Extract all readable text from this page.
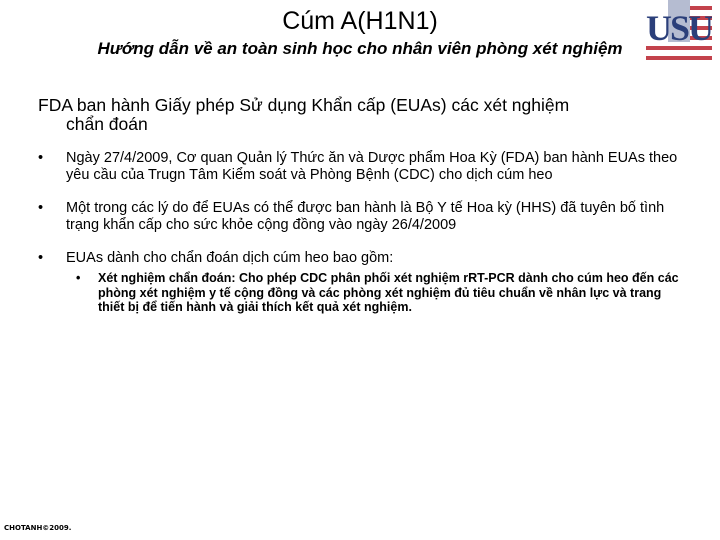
Cúm A(H1N1)
Hướng dẫn về an toàn sinh học cho nhân viên phòng xét nghiệm
USU
FDA ban hành Giấy phép Sử dụng Khẩn cấp (EUAs) các xét nghiệm
chẩn đoán
• Ngày 27/4/2009, Cơ quan Quản lý Thức ăn và Dược phẩm Hoa Kỳ (FDA) ban hành EUAs theo yêu cầu của Trugn Tâm Kiểm soát và Phòng Bệnh (CDC) cho dịch cúm heo
• Một trong các lý do để EUAs có thể được ban hành là Bộ Y tế Hoa kỳ (HHS) đã tuyên bố tình trạng khẩn cấp cho sức khỏe cộng đồng vào ngày 26/4/2009
• EUAs dành cho chẩn đoán dịch cúm heo bao gồm:
• Xét nghiệm chẩn đoán: Cho phép CDC phân phối xét nghiệm rRT-PCR dành cho cúm heo đến các phòng xét nghiệm y tế cộng đồng và các phòng xét nghiệm đủ tiêu chuẩn về nhân lực và trang thiết bị để tiến hành và giải thích kết quả xét nghiệm.
CHOTANH©2009.
